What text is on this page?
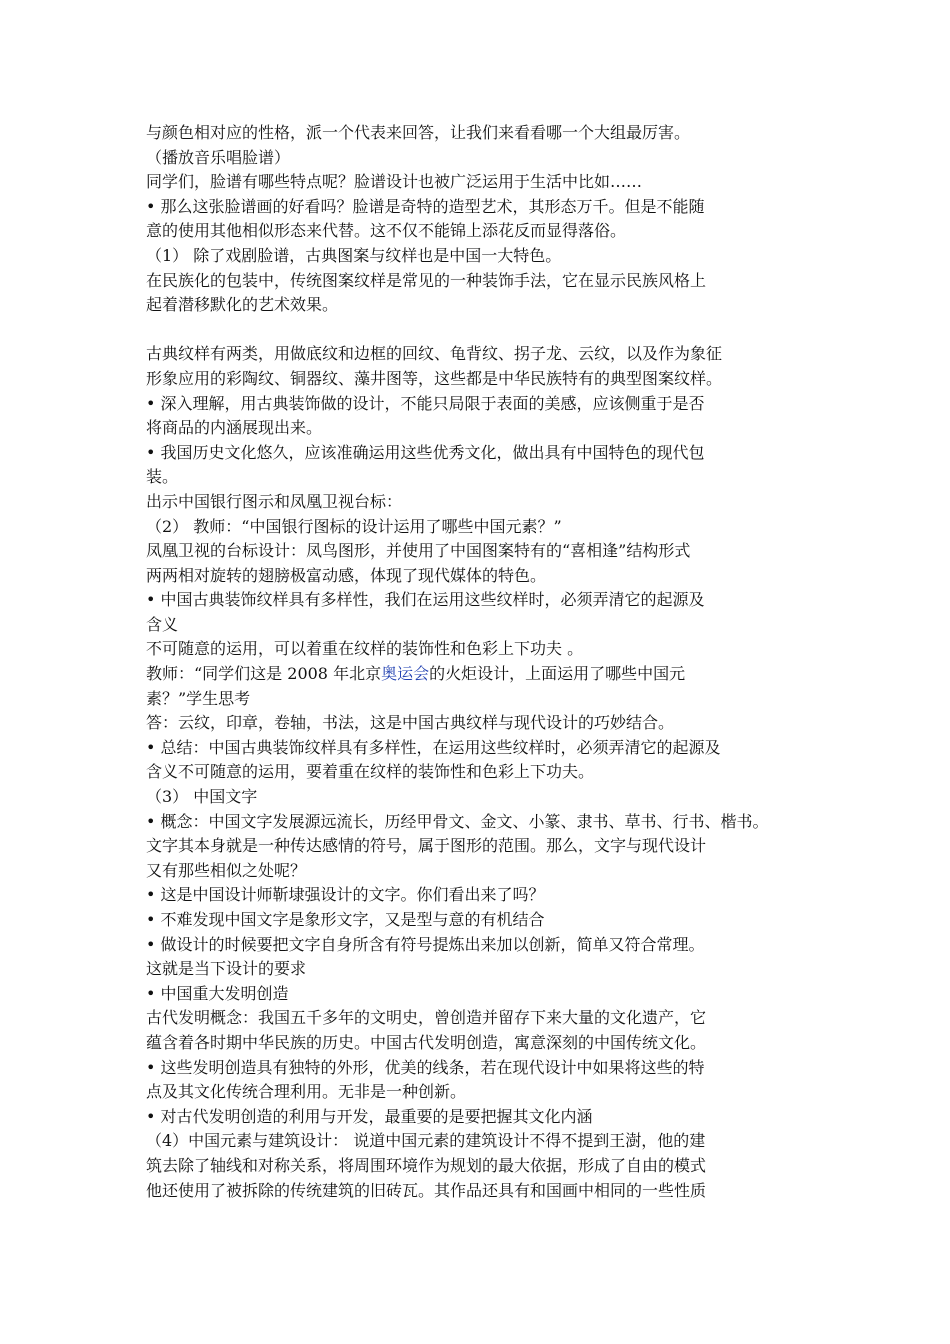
与颜色相对应的性格，派一个代表来回答，让我们来看看哪一个大组最厉害。
（播放音乐唱脸谱）
同学们，脸谱有哪些特点呢？脸谱设计也被广泛运用于生活中比如……
• 那么这张脸谱画的好看吗？脸谱是奇特的造型艺术，其形态万千。但是不能随
意的使用其他相似形态来代替。这不仅不能锦上添花反而显得落俗。
（1） 除了戏剧脸谱，古典图案与纹样也是中国一大特色。
在民族化的包装中，传统图案纹样是常见的一种装饰手法，它在显示民族风格上
起着潜移默化的艺术效果。
古典纹样有两类，用做底纹和边框的回纹、龟背纹、拐子龙、云纹，以及作为象征
形象应用的彩陶纹、铜器纹、藻井图等，这些都是中华民族特有的典型图案纹样。
• 深入理解，用古典装饰做的设计，不能只局限于表面的美感，应该侧重于是否
将商品的内涵展现出来。
• 我国历史文化悠久，应该准确运用这些优秀文化，做出具有中国特色的现代包
装。
出示中国银行图示和凤凰卫视台标：
（2） 教师：“中国银行图标的设计运用了哪些中国元素？”
凤凰卫视的台标设计：凤鸟图形，并使用了中国图案特有的“喜相逢”结构形式
两两相对旋转的翅膀极富动感，体现了现代媒体的特色。
• 中国古典装饰纹样具有多样性，我们在运用这些纹样时，必须弄清它的起源及
含义
不可随意的运用，可以着重在纹样的装饰性和色彩上下功夫 。
教师：“同学们这是 2008 年北京奥运会的火炬设计，上面运用了哪些中国元
素？”学生思考
答：云纹，印章，卷轴，书法，这是中国古典纹样与现代设计的巧妙结合。
• 总结：中国古典装饰纹样具有多样性，在运用这些纹样时，必须弄清它的起源及
含义不可随意的运用，要着重在纹样的装饰性和色彩上下功夫。
（3） 中国文字
• 概念：中国文字发展源远流长，历经甲骨文、金文、小篆、隶书、草书、行书、楷书。
文字其本身就是一种传达感情的符号，属于图形的范围。那么，文字与现代设计
又有那些相似之处呢？
• 这是中国设计师靳埭强设计的文字。你们看出来了吗？
• 不难发现中国文字是象形文字，又是型与意的有机结合
• 做设计的时候要把文字自身所含有符号提炼出来加以创新，简单又符合常理。
这就是当下设计的要求
• 中国重大发明创造
古代发明概念：我国五千多年的文明史，曾创造并留存下来大量的文化遗产，它
蕴含着各时期中华民族的历史。中国古代发明创造，寓意深刻的中国传统文化。
• 这些发明创造具有独特的外形，优美的线条，若在现代设计中如果将这些的特
点及其文化传统合理利用。无非是一种创新。
• 对古代发明创造的利用与开发，最重要的是要把握其文化内涵
（4）中国元素与建筑设计： 说道中国元素的建筑设计不得不提到王澍，他的建
筑去除了轴线和对称关系，将周围环境作为规划的最大依据，形成了自由的模式
他还使用了被拆除的传统建筑的旧砖瓦。其作品还具有和国画中相同的一些性质
